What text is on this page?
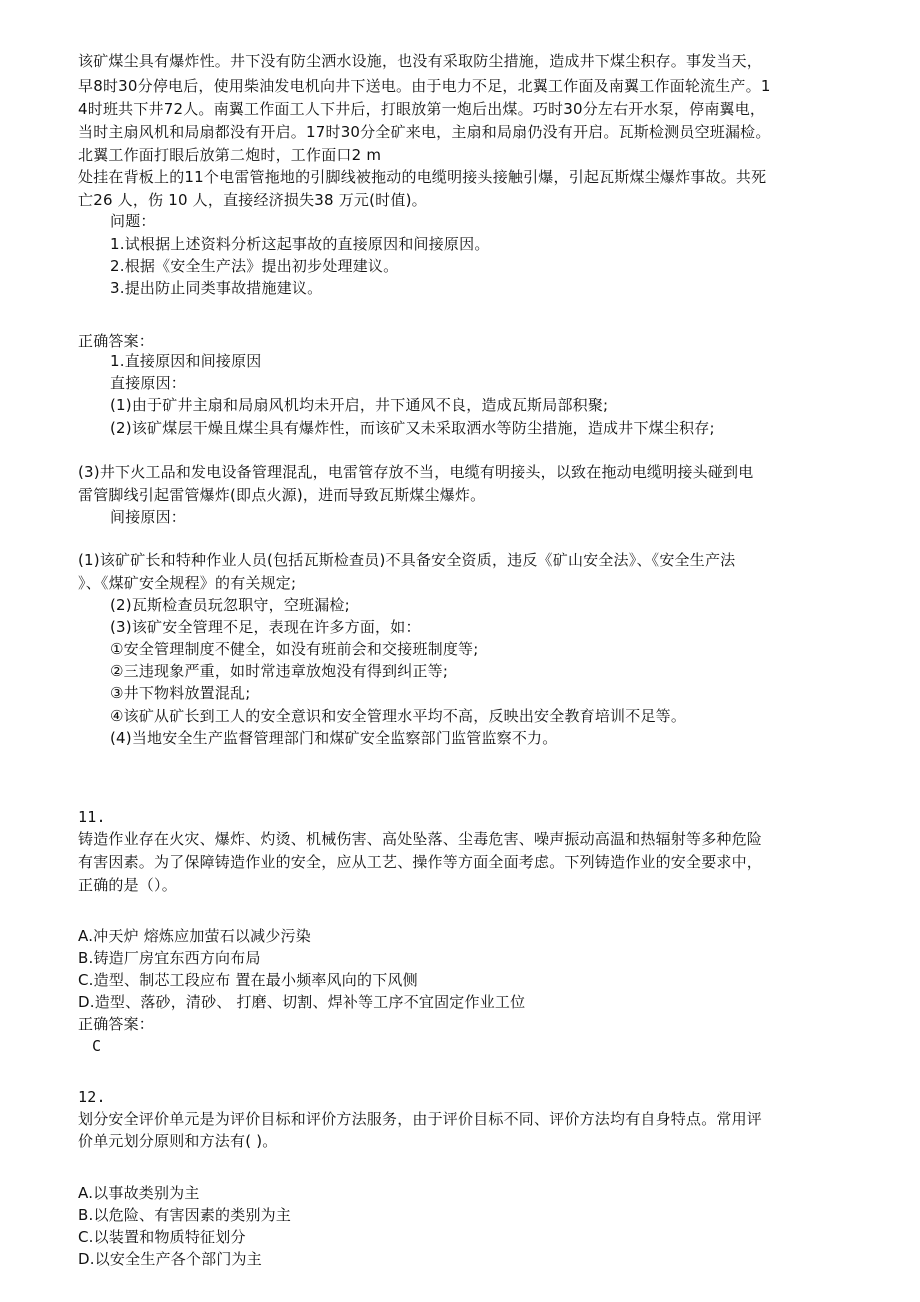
该矿煤尘具有爆炸性。井下没有防尘洒水设施，也没有采取防尘措施，造成井下煤尘积存。事发当天，
早8时30分停电后，使用柴油发电机向井下送电。由于电力不足，北翼工作面及南翼工作面轮流生产。1
4时班共下井72人。南翼工作面工人下井后，打眼放第一炮后出煤。巧时30分左右开水泵，停南翼电，
当时主扇风机和局扇都没有开启。17时30分全矿来电，主扇和局扇仍没有开启。瓦斯检测员空班漏检。
北翼工作面打眼后放第二炮时，工作面口2 m
处挂在背板上的11个电雷管拖地的引脚线被拖动的电缆明接头接触引爆，引起瓦斯煤尘爆炸事故。共死
亡26 人，伤 10 人，直接经济损失38 万元(时值)。
问题：
1.试根据上述资料分析这起事故的直接原因和间接原因。
2.根据《安全生产法》提出初步处理建议。
3.提出防止同类事故措施建议。
正确答案：
1.直接原因和间接原因
直接原因：
(1)由于矿井主扇和局扇风机均未开启，井下通风不良，造成瓦斯局部积聚;
(2)该矿煤层干燥且煤尘具有爆炸性，而该矿又未采取洒水等防尘措施，造成井下煤尘积存;
(3)井下火工品和发电设备管理混乱，电雷管存放不当，电缆有明接头，以致在拖动电缆明接头碰到电
雷管脚线引起雷管爆炸(即点火源)，进而导致瓦斯煤尘爆炸。
间接原因：
(1)该矿矿长和特种作业人员(包括瓦斯检查员)不具备安全资质，违反《矿山安全法》、《安全生产法
》、《煤矿安全规程》的有关规定;
(2)瓦斯检查员玩忽职守，空班漏检;
(3)该矿安全管理不足，表现在许多方面，如：
①安全管理制度不健全，如没有班前会和交接班制度等;
②三违现象严重，如时常违章放炮没有得到纠正等;
③井下物料放置混乱;
④该矿从矿长到工人的安全意识和安全管理水平均不高，反映出安全教育培训不足等。
(4)当地安全生产监督管理部门和煤矿安全监察部门监管监察不力。
11.
铸造作业存在火灾、爆炸、灼烫、机械伤害、高处坠落、尘毒危害、噪声振动高温和热辐射等多种危险
有害因素。为了保障铸造作业的安全，应从工艺、操作等方面全面考虑。下列铸造作业的安全要求中，
正确的是（）。
A.冲天炉 熔炼应加萤石以减少污染
B.铸造厂房宜东西方向布局
C.造型、制芯工段应布 置在最小频率风向的下风侧
D.造型、落砂，清砂、 打磨、切割、焊补等工序不宜固定作业工位
正确答案：
C
12.
划分安全评价单元是为评价目标和评价方法服务，由于评价目标不同、评价方法均有自身特点。常用评
价单元划分原则和方法有( )。
A.以事故类别为主
B.以危险、有害因素的类别为主
C.以装置和物质特征划分
D.以安全生产各个部门为主
